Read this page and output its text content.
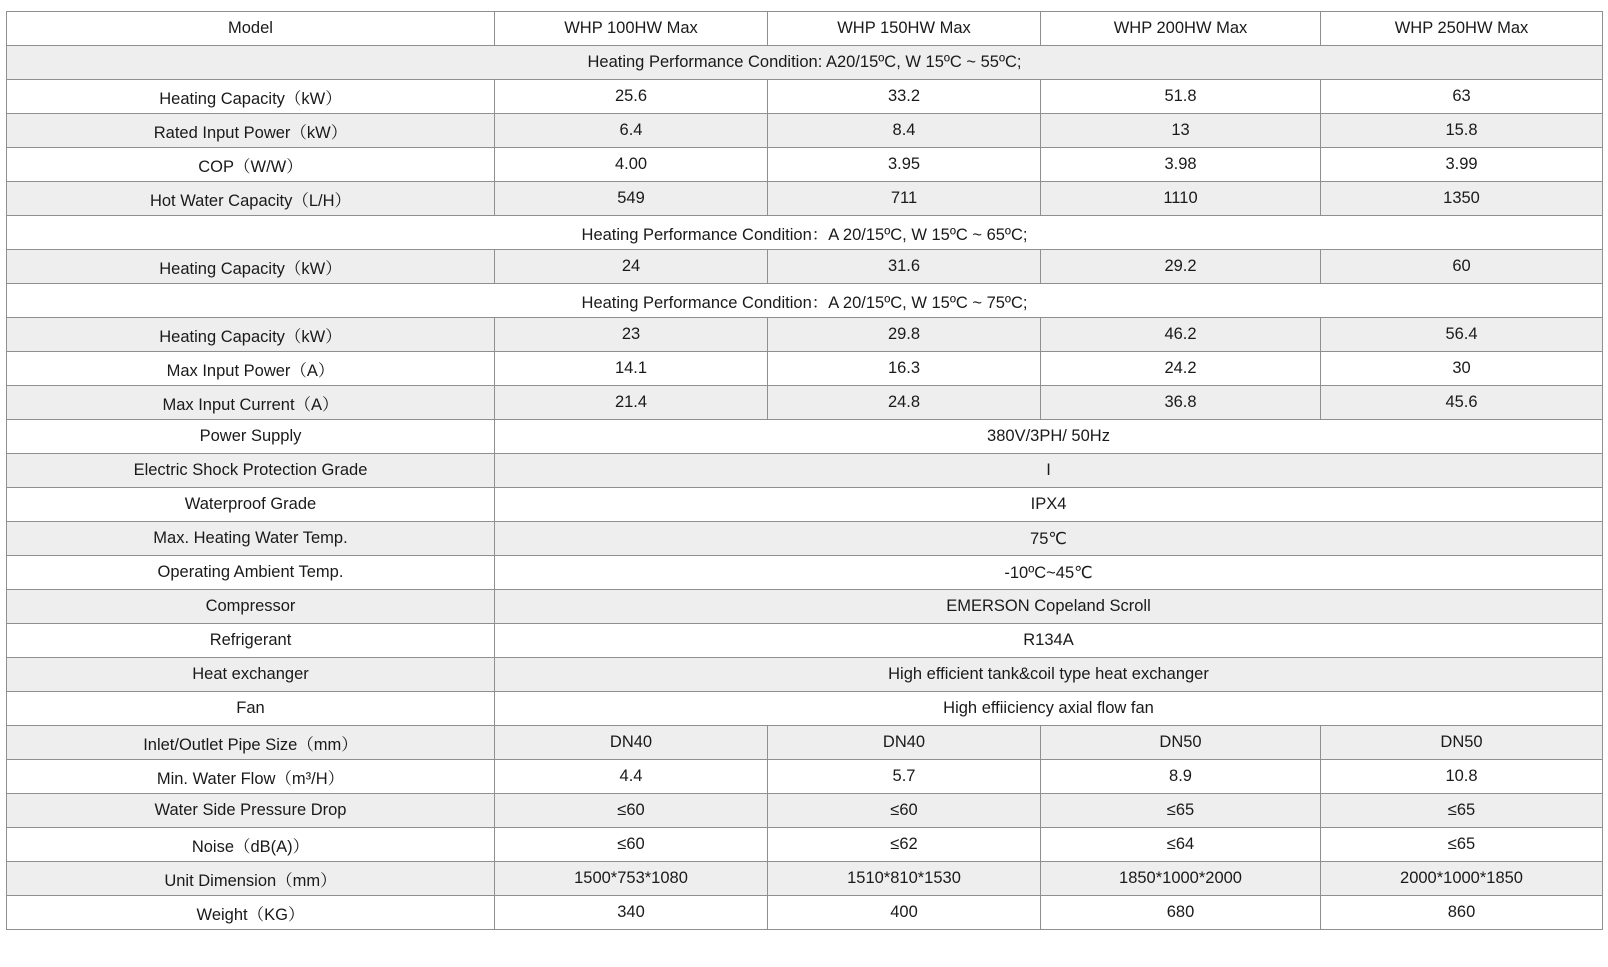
Model	WHP 100HW Max	WHP 150HW Max	WHP 200HW Max	WHP 250HW Max
Heating Performance Condition: A20/15ºC, W 15ºC ~ 55ºC;				
Heating Capacity（kW）	25.6	33.2	51.8	63
Rated Input Power（kW）	6.4	8.4	13	15.8
COP（W/W）	4.00	3.95	3.98	3.99
Hot Water Capacity（L/H）	549	711	1110	1350
Heating Performance Condition：A 20/15ºC, W 15ºC ~ 65ºC;				
Heating Capacity（kW）	24	31.6	29.2	60
Heating Performance Condition：A 20/15ºC, W 15ºC ~ 75ºC;				
Heating Capacity（kW）	23	29.8	46.2	56.4
Max Input Power（A）	14.1	16.3	24.2	30
Max Input Current（A）	21.4	24.8	36.8	45.6
Power Supply	380V/3PH/ 50Hz			
Electric Shock Protection Grade	I			
Waterproof Grade	IPX4			
Max. Heating Water Temp.	75℃			
Operating Ambient Temp.	-10ºC~45℃			
Compressor	EMERSON Copeland Scroll			
Refrigerant	R134A			
Heat exchanger	High efficient tank&coil type heat exchanger			
Fan	High effiiciency axial flow fan			
Inlet/Outlet Pipe Size（mm）	DN40	DN40	DN50	DN50
Min. Water Flow（m³/H）	4.4	5.7	8.9	10.8
Water Side Pressure Drop	≤60	≤60	≤65	≤65
Noise（dB(A)）	≤60	≤62	≤64	≤65
Unit Dimension（mm）	1500*753*1080	1510*810*1530	1850*1000*2000	2000*1000*1850
Weight（KG）	340	400	680	860
